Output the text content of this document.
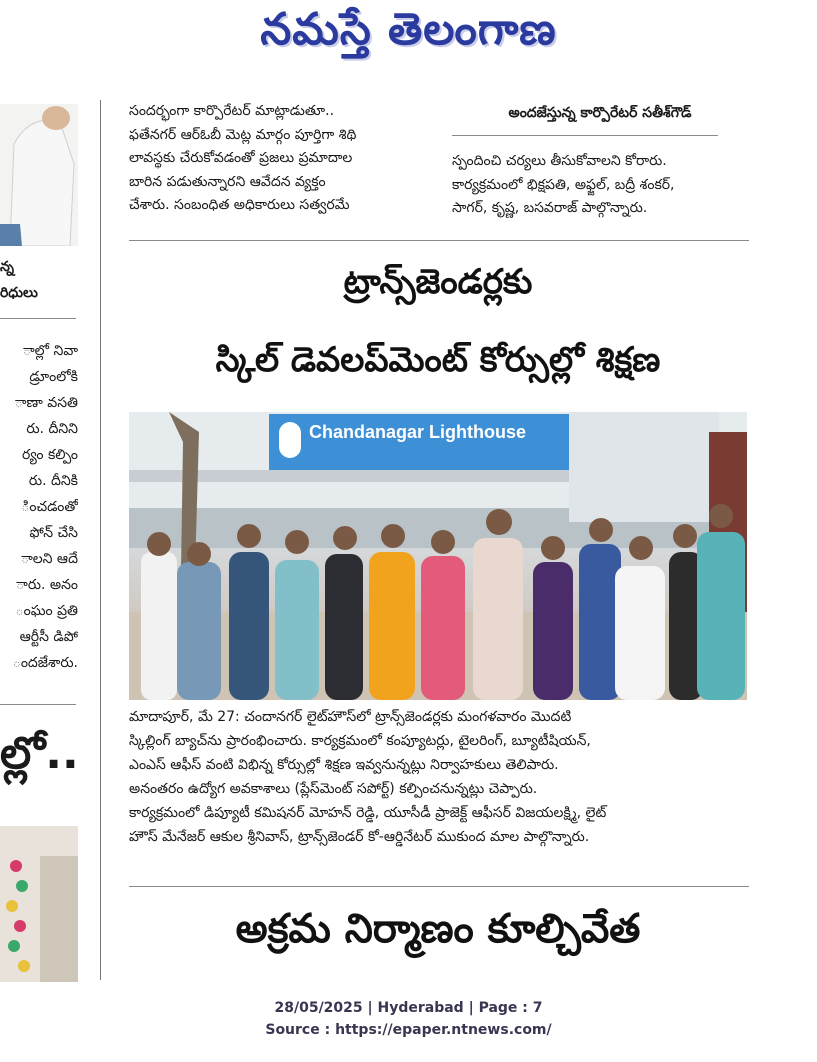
నమస్తే తెలంగాణ
న్న
రిధులు
ాల్లో నివా
డ్రూంలోకి
ాణా వసతి
రు. దీనిని
ర్యం కల్పిం
రు. దీనికి
ించడంతో
ఫోన్ చేసి
ాలని ఆదే
ారు. అనం
ంఘం ప్రతి
ఆర్టీసీ డిపో
ందజేశారు.
ల్లో..
సందర్భంగా కార్పొరేటర్ మాట్లాడుతూ..
ఫతేనగర్ ఆర్ఓబీ మెట్ల మార్గం పూర్తిగా శిథి
లావస్థకు చేరుకోవడంతో ప్రజలు ప్రమాదాల
బారిన పడుతున్నారని ఆవేదన వ్యక్తం
చేశారు. సంబంధిత అధికారులు సత్వరమే
అందజేస్తున్న కార్పొరేటర్ సతీశ్‌గౌడ్
స్పందించి చర్యలు తీసుకోవాలని కోరారు.
కార్యక్రమంలో భిక్షపతి, అఫ్జల్, బద్రీ శంకర్,
సాగర్, కృష్ణ, బసవరాజ్ పాల్గొన్నారు.
ట్రాన్స్‌జెండర్లకు
స్కిల్ డెవలప్‌మెంట్ కోర్సుల్లో శిక్షణ
Chandanagar Lighthouse
మాదాపూర్, మే 27: చందానగర్ లైట్‌హౌస్‌లో ట్రాన్స్‌జెండర్లకు మంగళవారం మొదటి
స్కిల్లింగ్ బ్యాచ్‌ను ప్రారంభించారు. కార్యక్రమంలో కంప్యూటర్లు, టైలరింగ్, బ్యూటీషియన్,
ఎంఎస్ ఆఫీస్ వంటి విభిన్న కోర్సుల్లో శిక్షణ ఇవ్వనున్నట్లు నిర్వాహకులు తెలిపారు.
అనంతరం ఉద్యోగ అవకాశాలు (ప్లేస్‌మెంట్ సపోర్ట్) కల్పించనున్నట్లు చెప్పారు.
కార్యక్రమంలో డిప్యూటీ కమిషనర్ మోహన్ రెడ్డి, యూసీడీ ప్రాజెక్ట్ ఆఫీసర్ విజయలక్ష్మి, లైట్
హౌస్ మేనేజర్ ఆకుల శ్రీనివాస్, ట్రాన్స్‌జెండర్ కో-ఆర్డినేటర్ ముకుంద మాల పాల్గొన్నారు.
అక్రమ నిర్మాణం కూల్చివేత
28/05/2025 | Hyderabad | Page : 7
Source : https://epaper.ntnews.com/
